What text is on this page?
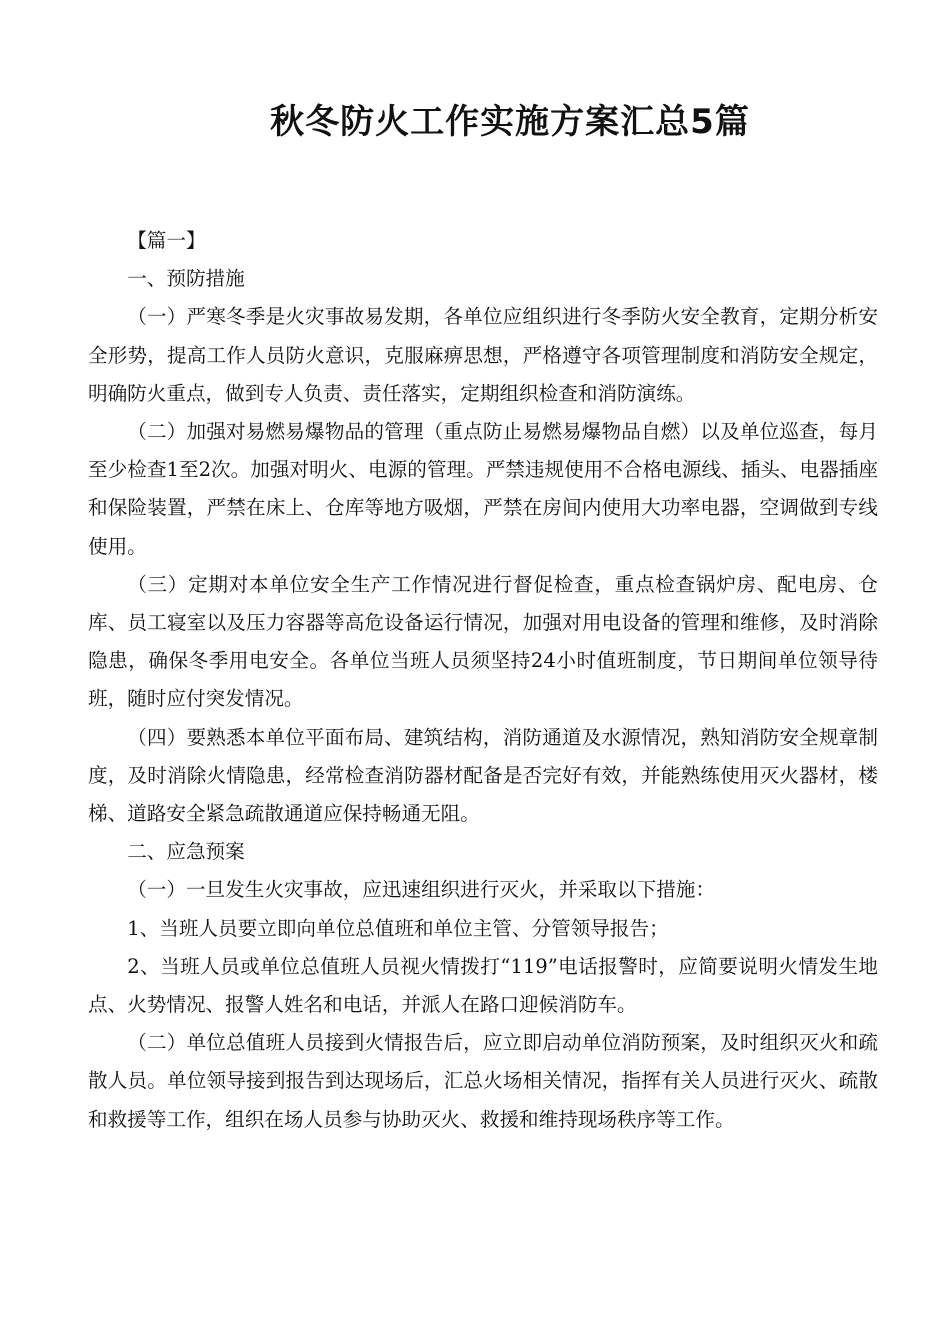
秋冬防火工作实施方案汇总5篇

【篇一】

一、预防措施

（一）严寒冬季是火灾事故易发期，各单位应组织进行冬季防火安全教育，定期分析安全形势，提高工作人员防火意识，克服麻痹思想，严格遵守各项管理制度和消防安全规定，明确防火重点，做到专人负责、责任落实，定期组织检查和消防演练。

（二）加强对易燃易爆物品的管理（重点防止易燃易爆物品自燃）以及单位巡查，每月至少检查1至2次。加强对明火、电源的管理。严禁违规使用不合格电源线、插头、电器插座和保险装置，严禁在床上、仓库等地方吸烟，严禁在房间内使用大功率电器，空调做到专线使用。

（三）定期对本单位安全生产工作情况进行督促检查，重点检查锅炉房、配电房、仓库、员工寝室以及压力容器等高危设备运行情况，加强对用电设备的管理和维修，及时消除隐患，确保冬季用电安全。各单位当班人员须坚持24小时值班制度，节日期间单位领导待班，随时应付突发情况。

（四）要熟悉本单位平面布局、建筑结构，消防通道及水源情况，熟知消防安全规章制度，及时消除火情隐患，经常检查消防器材配备是否完好有效，并能熟练使用灭火器材，楼梯、道路安全紧急疏散通道应保持畅通无阻。

二、应急预案

（一）一旦发生火灾事故，应迅速组织进行灭火，并采取以下措施：

1、当班人员要立即向单位总值班和单位主管、分管领导报告；

2、当班人员或单位总值班人员视火情拨打“119”电话报警时，应简要说明火情发生地点、火势情况、报警人姓名和电话，并派人在路口迎候消防车。

（二）单位总值班人员接到火情报告后，应立即启动单位消防预案，及时组织灭火和疏散人员。单位领导接到报告到达现场后，汇总火场相关情况，指挥有关人员进行灭火、疏散和救援等工作，组织在场人员参与协助灭火、救援和维持现场秩序等工作。
